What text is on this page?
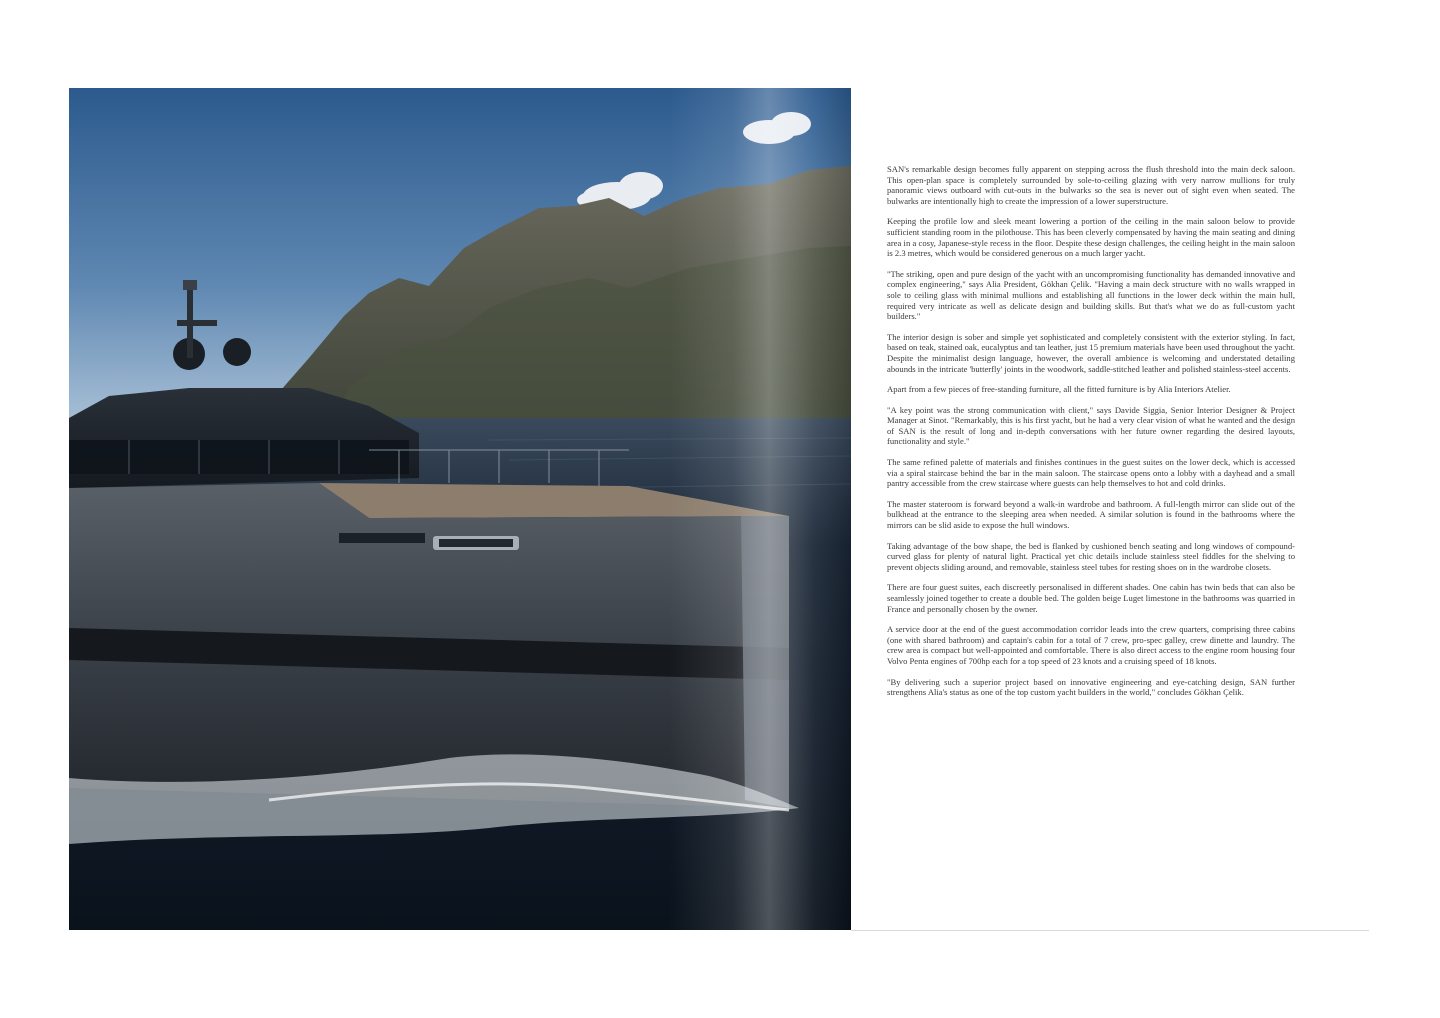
SAN's remarkable design becomes fully apparent on stepping across the flush threshold into the main deck saloon. This open-plan space is completely surrounded by sole-to-ceiling glazing with very narrow mullions for truly panoramic views outboard with cut-outs in the bulwarks so the sea is never out of sight even when seated. The bulwarks are intentionally high to create the impression of a lower superstructure.

Keeping the profile low and sleek meant lowering a portion of the ceiling in the main saloon below to provide sufficient standing room in the pilothouse. This has been cleverly compensated by having the main seating and dining area in a cosy, Japanese-style recess in the floor. Despite these design challenges, the ceiling height in the main saloon is 2.3 metres, which would be considered generous on a much larger yacht.

"The striking, open and pure design of the yacht with an uncompromising functionality has demanded innovative and complex engineering," says Alia President, Gökhan Çelik. "Having a main deck structure with no walls wrapped in sole to ceiling glass with minimal mullions and establishing all functions in the lower deck within the main hull, required very intricate as well as delicate design and building skills. But that's what we do as full-custom yacht builders."

The interior design is sober and simple yet sophisticated and completely consistent with the exterior styling. In fact, based on teak, stained oak, eucalyptus and tan leather, just 15 premium materials have been used throughout the yacht. Despite the minimalist design language, however, the overall ambience is welcoming and understated detailing abounds in the intricate 'butterfly' joints in the woodwork, saddle-stitched leather and polished stainless-steel accents.

Apart from a few pieces of free-standing furniture, all the fitted furniture is by Alia Interiors Atelier.

"A key point was the strong communication with client," says Davide Siggia, Senior Interior Designer & Project Manager at Sinot. "Remarkably, this is his first yacht, but he had a very clear vision of what he wanted and the design of SAN is the result of long and in-depth conversations with her future owner regarding the desired layouts, functionality and style."

The same refined palette of materials and finishes continues in the guest suites on the lower deck, which is accessed via a spiral staircase behind the bar in the main saloon. The staircase opens onto a lobby with a dayhead and a small pantry accessible from the crew staircase where guests can help themselves to hot and cold drinks.

The master stateroom is forward beyond a walk-in wardrobe and bathroom. A full-length mirror can slide out of the bulkhead at the entrance to the sleeping area when needed. A similar solution is found in the bathrooms where the mirrors can be slid aside to expose the hull windows.

Taking advantage of the bow shape, the bed is flanked by cushioned bench seating and long windows of compound-curved glass for plenty of natural light. Practical yet chic details include stainless steel fiddles for the shelving to prevent objects sliding around, and removable, stainless steel tubes for resting shoes on in the wardrobe closets.

There are four guest suites, each discreetly personalised in different shades. One cabin has twin beds that can also be seamlessly joined together to create a double bed. The golden beige Luget limestone in the bathrooms was quarried in France and personally chosen by the owner.

A service door at the end of the guest accommodation corridor leads into the crew quarters, comprising three cabins (one with shared bathroom) and captain's cabin for a total of 7 crew, pro-spec galley, crew dinette and laundry. The crew area is compact but well-appointed and comfortable. There is also direct access to the engine room housing four Volvo Penta engines of 700hp each for a top speed of 23 knots and a cruising speed of 18 knots.

"By delivering such a superior project based on innovative engineering and eye-catching design, SAN further strengthens Alia's status as one of the top custom yacht builders in the world," concludes Gökhan Çelik.
